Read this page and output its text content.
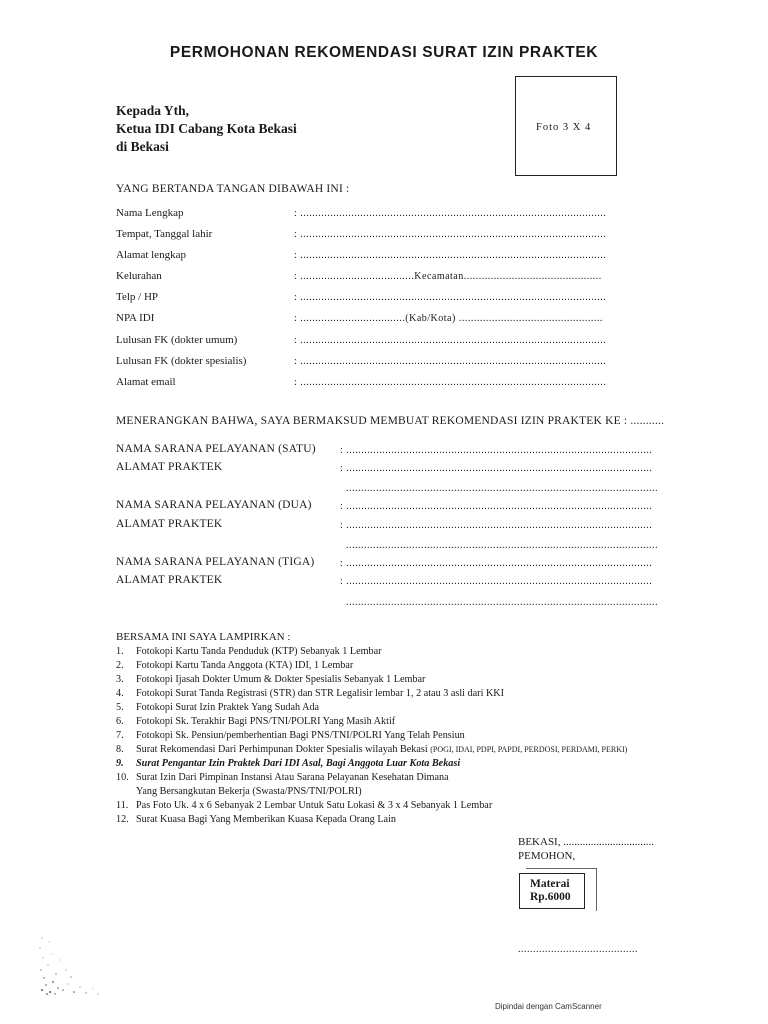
PERMOHONAN REKOMENDASI SURAT IZIN PRAKTEK
Kepada Yth,
Ketua IDI Cabang Kota Bekasi
di Bekasi
Foto 3 X 4
YANG BERTANDA TANGAN DIBAWAH INI :
Nama Lengkap	: ......................................................................................................
Tempat, Tanggal lahir	: ......................................................................................................
Alamat lengkap	: ......................................................................................................
Kelurahan	: ......................................Kecamatan..............................................
Telp / HP	: ......................................................................................................
NPA IDI	: ...................................(Kab/Kota) ................................................
Lulusan FK (dokter umum)	: ......................................................................................................
Lulusan FK (dokter spesialis)	: ......................................................................................................
Alamat email	: ......................................................................................................
MENERANGKAN BAHWA, SAYA BERMAKSUD MEMBUAT REKOMENDASI IZIN PRAKTEK KE : ...........
NAMA SARANA PELAYANAN (SATU) : ......................................................................................................
ALAMAT PRAKTEK	: ......................................................................................................
........................................................................................................
NAMA SARANA PELAYANAN (DUA)	: ......................................................................................................
ALAMAT PRAKTEK	: ......................................................................................................
........................................................................................................
NAMA SARANA PELAYANAN (TIGA)	: ......................................................................................................
ALAMAT PRAKTEK	: ......................................................................................................
........................................................................................................
BERSAMA INI SAYA LAMPIRKAN :
1.	Fotokopi Kartu Tanda Penduduk (KTP) Sebanyak 1 Lembar
2.	Fotokopi Kartu Tanda Anggota (KTA) IDI, 1 Lembar
3.	Fotokopi Ijasah Dokter Umum & Dokter Spesialis Sebanyak 1 Lembar
4.	Fotokopi Surat Tanda Registrasi (STR) dan STR Legalisir lembar 1, 2 atau 3 asli dari KKI
5.	Fotokopi Surat Izin Praktek Yang Sudah Ada
6.	Fotokopi Sk. Terakhir Bagi PNS/TNI/POLRI Yang Masih Aktif
7.	Fotokopi Sk. Pensiun/pemberhentian Bagi PNS/TNI/POLRI Yang Telah Pensiun
8.	Surat Rekomendasi Dari Perhimpunan Dokter Spesialis wilayah Bekasi (POGI, IDAI, PDPI, PAPDI, PERDOSI, PERDAMI, PERKI)
9.	Surat Pengantar Izin Praktek Dari IDI Asal, Bagi Anggota Luar Kota Bekasi
10. Surat Izin Dari Pimpinan Instansi Atau Sarana Pelayanan Kesehatan Dimana
Yang Bersangkutan Bekerja (Swasta/PNS/TNI/POLRI)
11. Pas Foto Uk. 4 x 6 Sebanyak 2 Lembar Untuk Satu Lokasi & 3 x 4 Sebanyak 1 Lembar
12. Surat Kuasa Bagi Yang Memberikan Kuasa Kepada Orang Lain
BEKASI, .................................
PEMOHON,
Materai
Rp.6000
........................................
Dipindai dengan CamScanner
